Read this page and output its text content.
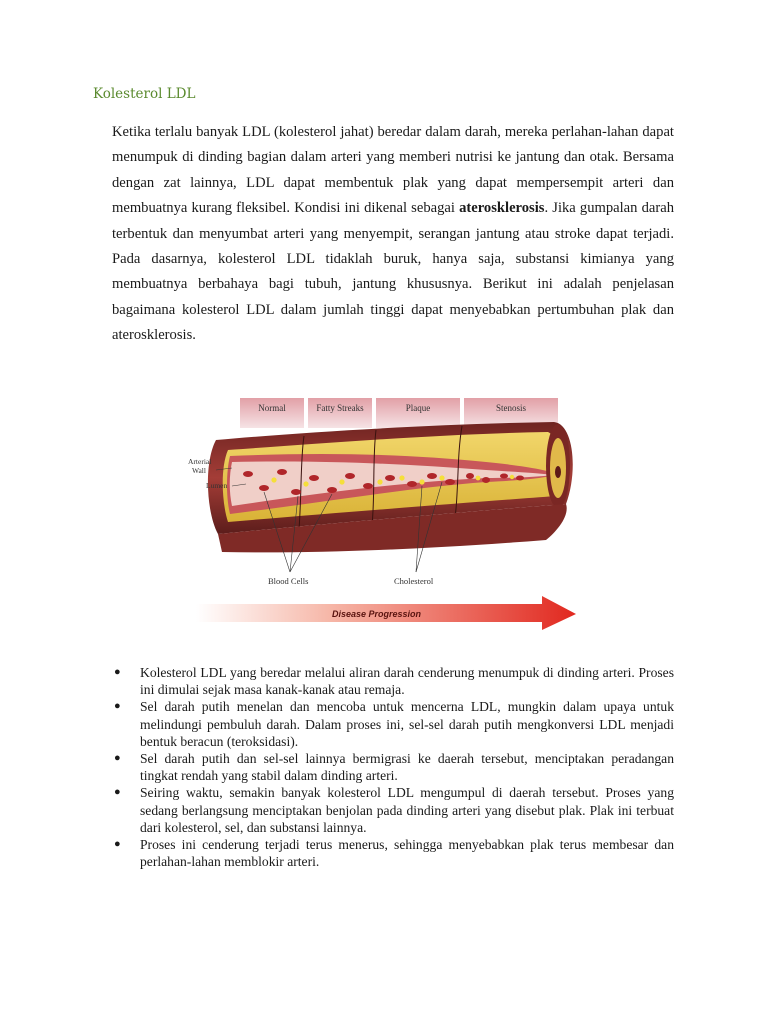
Kolesterol LDL

Ketika terlalu banyak LDL (kolesterol jahat) beredar dalam darah, mereka perlahan-lahan dapat menumpuk di dinding bagian dalam arteri yang memberi nutrisi ke jantung dan otak. Bersama dengan zat lainnya, LDL dapat membentuk plak yang dapat mempersempit arteri dan membuatnya kurang fleksibel. Kondisi ini dikenal sebagai aterosklerosis. Jika gumpalan darah terbentuk dan menyumbat arteri yang menyempit, serangan jantung atau stroke dapat terjadi. Pada dasarnya, kolesterol LDL tidaklah buruk, hanya saja, substansi kimianya yang membuatnya berbahaya bagi tubuh, jantung khususnya. Berikut ini adalah penjelasan bagaimana kolesterol LDL dalam jumlah tinggi dapat menyebabkan pertumbuhan plak dan aterosklerosis.

Normal	Fatty Streaks	Plaque	Stenosis
Arterial
Wall
Lumen
Blood Cells	Cholesterol
Disease Progression
● Kolesterol LDL yang beredar melalui aliran darah cenderung menumpuk di dinding arteri. Proses ini dimulai sejak masa kanak-kanak atau remaja.
● Sel darah putih menelan dan mencoba untuk mencerna LDL, mungkin dalam upaya untuk melindungi pembuluh darah. Dalam proses ini, sel-sel darah putih mengkonversi LDL menjadi bentuk beracun (teroksidasi).
● Sel darah putih dan sel-sel lainnya bermigrasi ke daerah tersebut, menciptakan peradangan tingkat rendah yang stabil dalam dinding arteri.
● Seiring waktu, semakin banyak kolesterol LDL mengumpul di daerah tersebut. Proses yang sedang berlangsung menciptakan benjolan pada dinding arteri yang disebut plak. Plak ini terbuat dari kolesterol, sel, dan substansi lainnya.
● Proses ini cenderung terjadi terus menerus, sehingga menyebabkan plak terus membesar dan perlahan-lahan memblokir arteri.
